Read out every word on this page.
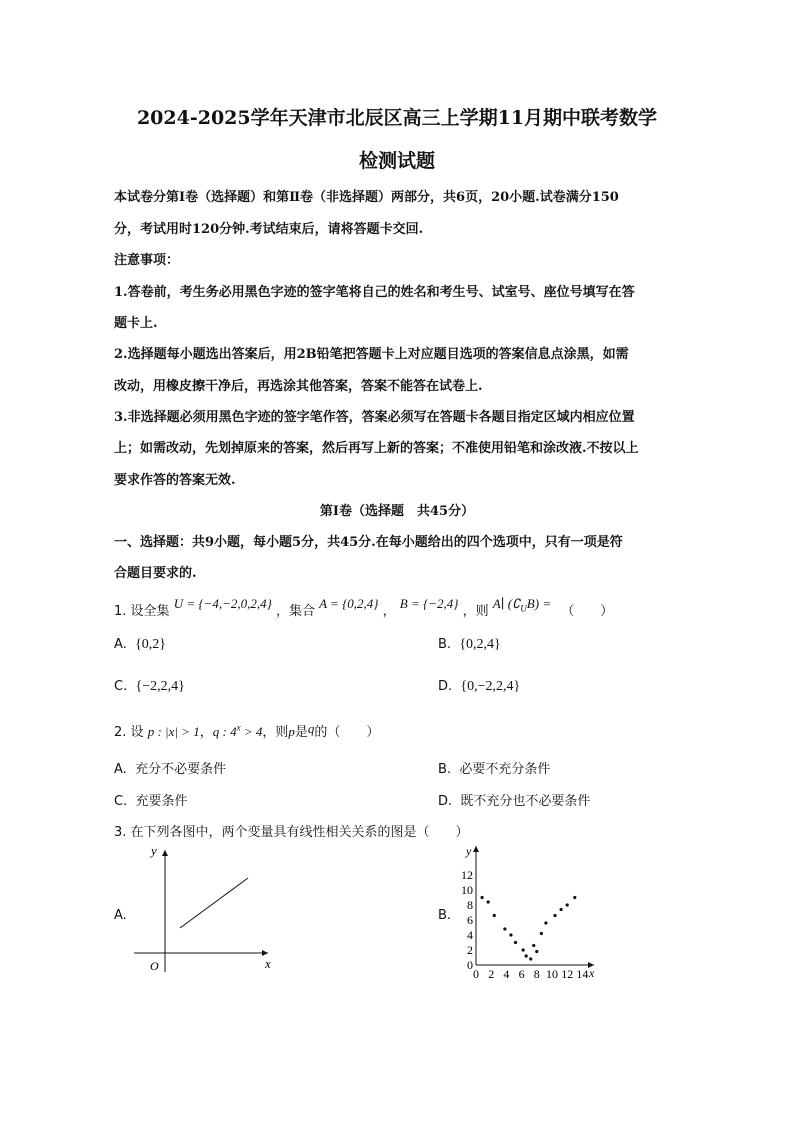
2024-2025学年天津市北辰区高三上学期11月期中联考数学
检测试题
本试卷分第Ⅰ卷（选择题）和第Ⅱ卷（非选择题）两部分，共6页，20小题.试卷满分150
分，考试用时120分钟.考试结束后，请将答题卡交回.
注意事项：
1.答卷前，考生务必用黑色字迹的签字笔将自己的姓名和考生号、试室号、座位号填写在答
题卡上.
2.选择题每小题选出答案后，用2B铅笔把答题卡上对应题目选项的答案信息点涂黑，如需
改动，用橡皮擦干净后，再选涂其他答案，答案不能答在试卷上.
3.非选择题必须用黑色字迹的签字笔作答，答案必须写在答题卡各题目指定区域内相应位置
上；如需改动，先划掉原来的答案，然后再写上新的答案；不准使用铅笔和涂改液.不按以上
要求作答的答案无效.
第Ⅰ卷（选择题　共45分）
一、选择题：共9小题，每小题5分，共45分.在每小题给出的四个选项中，只有一项是符
合题目要求的.
1. 设全集 U = {−4,−2,0,2,4} ，集合 A = {0,2,4} ， B = {−2,4} ，则 A∣ $(∁_UB)$ = （　　）
A. {0,2}	B. {0,2,4}
C. {−2,2,4}	D. {0,−2,2,4}
2. 设 p : |x| > 1，q : $4^x > 4$，则p是q的（　　）
A. 充分不必要条件	B. 必要不充分条件
C. 充要条件	D. 既不充分也不必要条件
3. 在下列各图中，两个变量具有线性相关关系的图是（　　）
A.
y
x
O
B.
y
x
12
10
8
6
4
2
0
0 2 4 6 8 10 12 14
